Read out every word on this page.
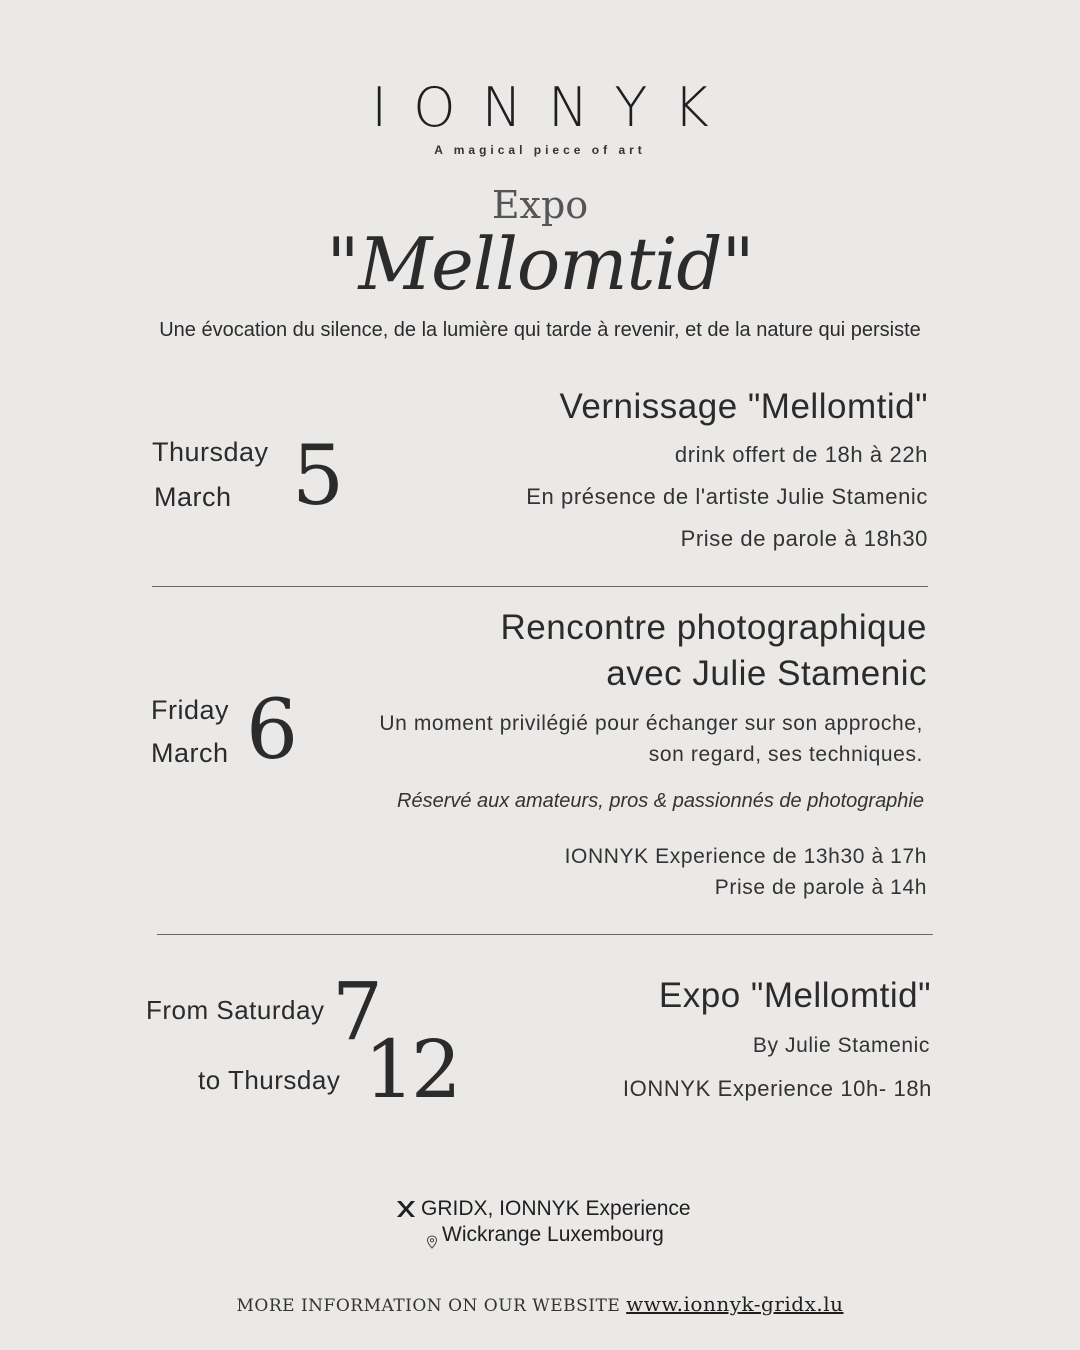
IONNYK
A magical piece of art
Expo
"Mellomtid"
Une évocation du silence, de la lumière qui tarde à revenir, et de la nature qui persiste
Thursday
March 5
Vernissage "Mellomtid"
drink offert de 18h à 22h
En présence de l'artiste Julie Stamenic
Prise de parole à 18h30
Rencontre photographique
avec Julie Stamenic
Friday
March 6	Un moment privilégié pour échanger sur son approche,
son regard, ses techniques.
Réservé aux amateurs, pros & passionnés de photographie
IONNYK Experience de 13h30 à 17h
Prise de parole à 14h
From Saturday 7
to Thursday 12
Expo "Mellomtid"
By Julie Stamenic
IONNYK Experience 10h- 18h
GRIDX, IONNYK Experience
Wickrange Luxembourg
MORE INFORMATION ON OUR WEBSITE www.ionnyk-gridx.lu
